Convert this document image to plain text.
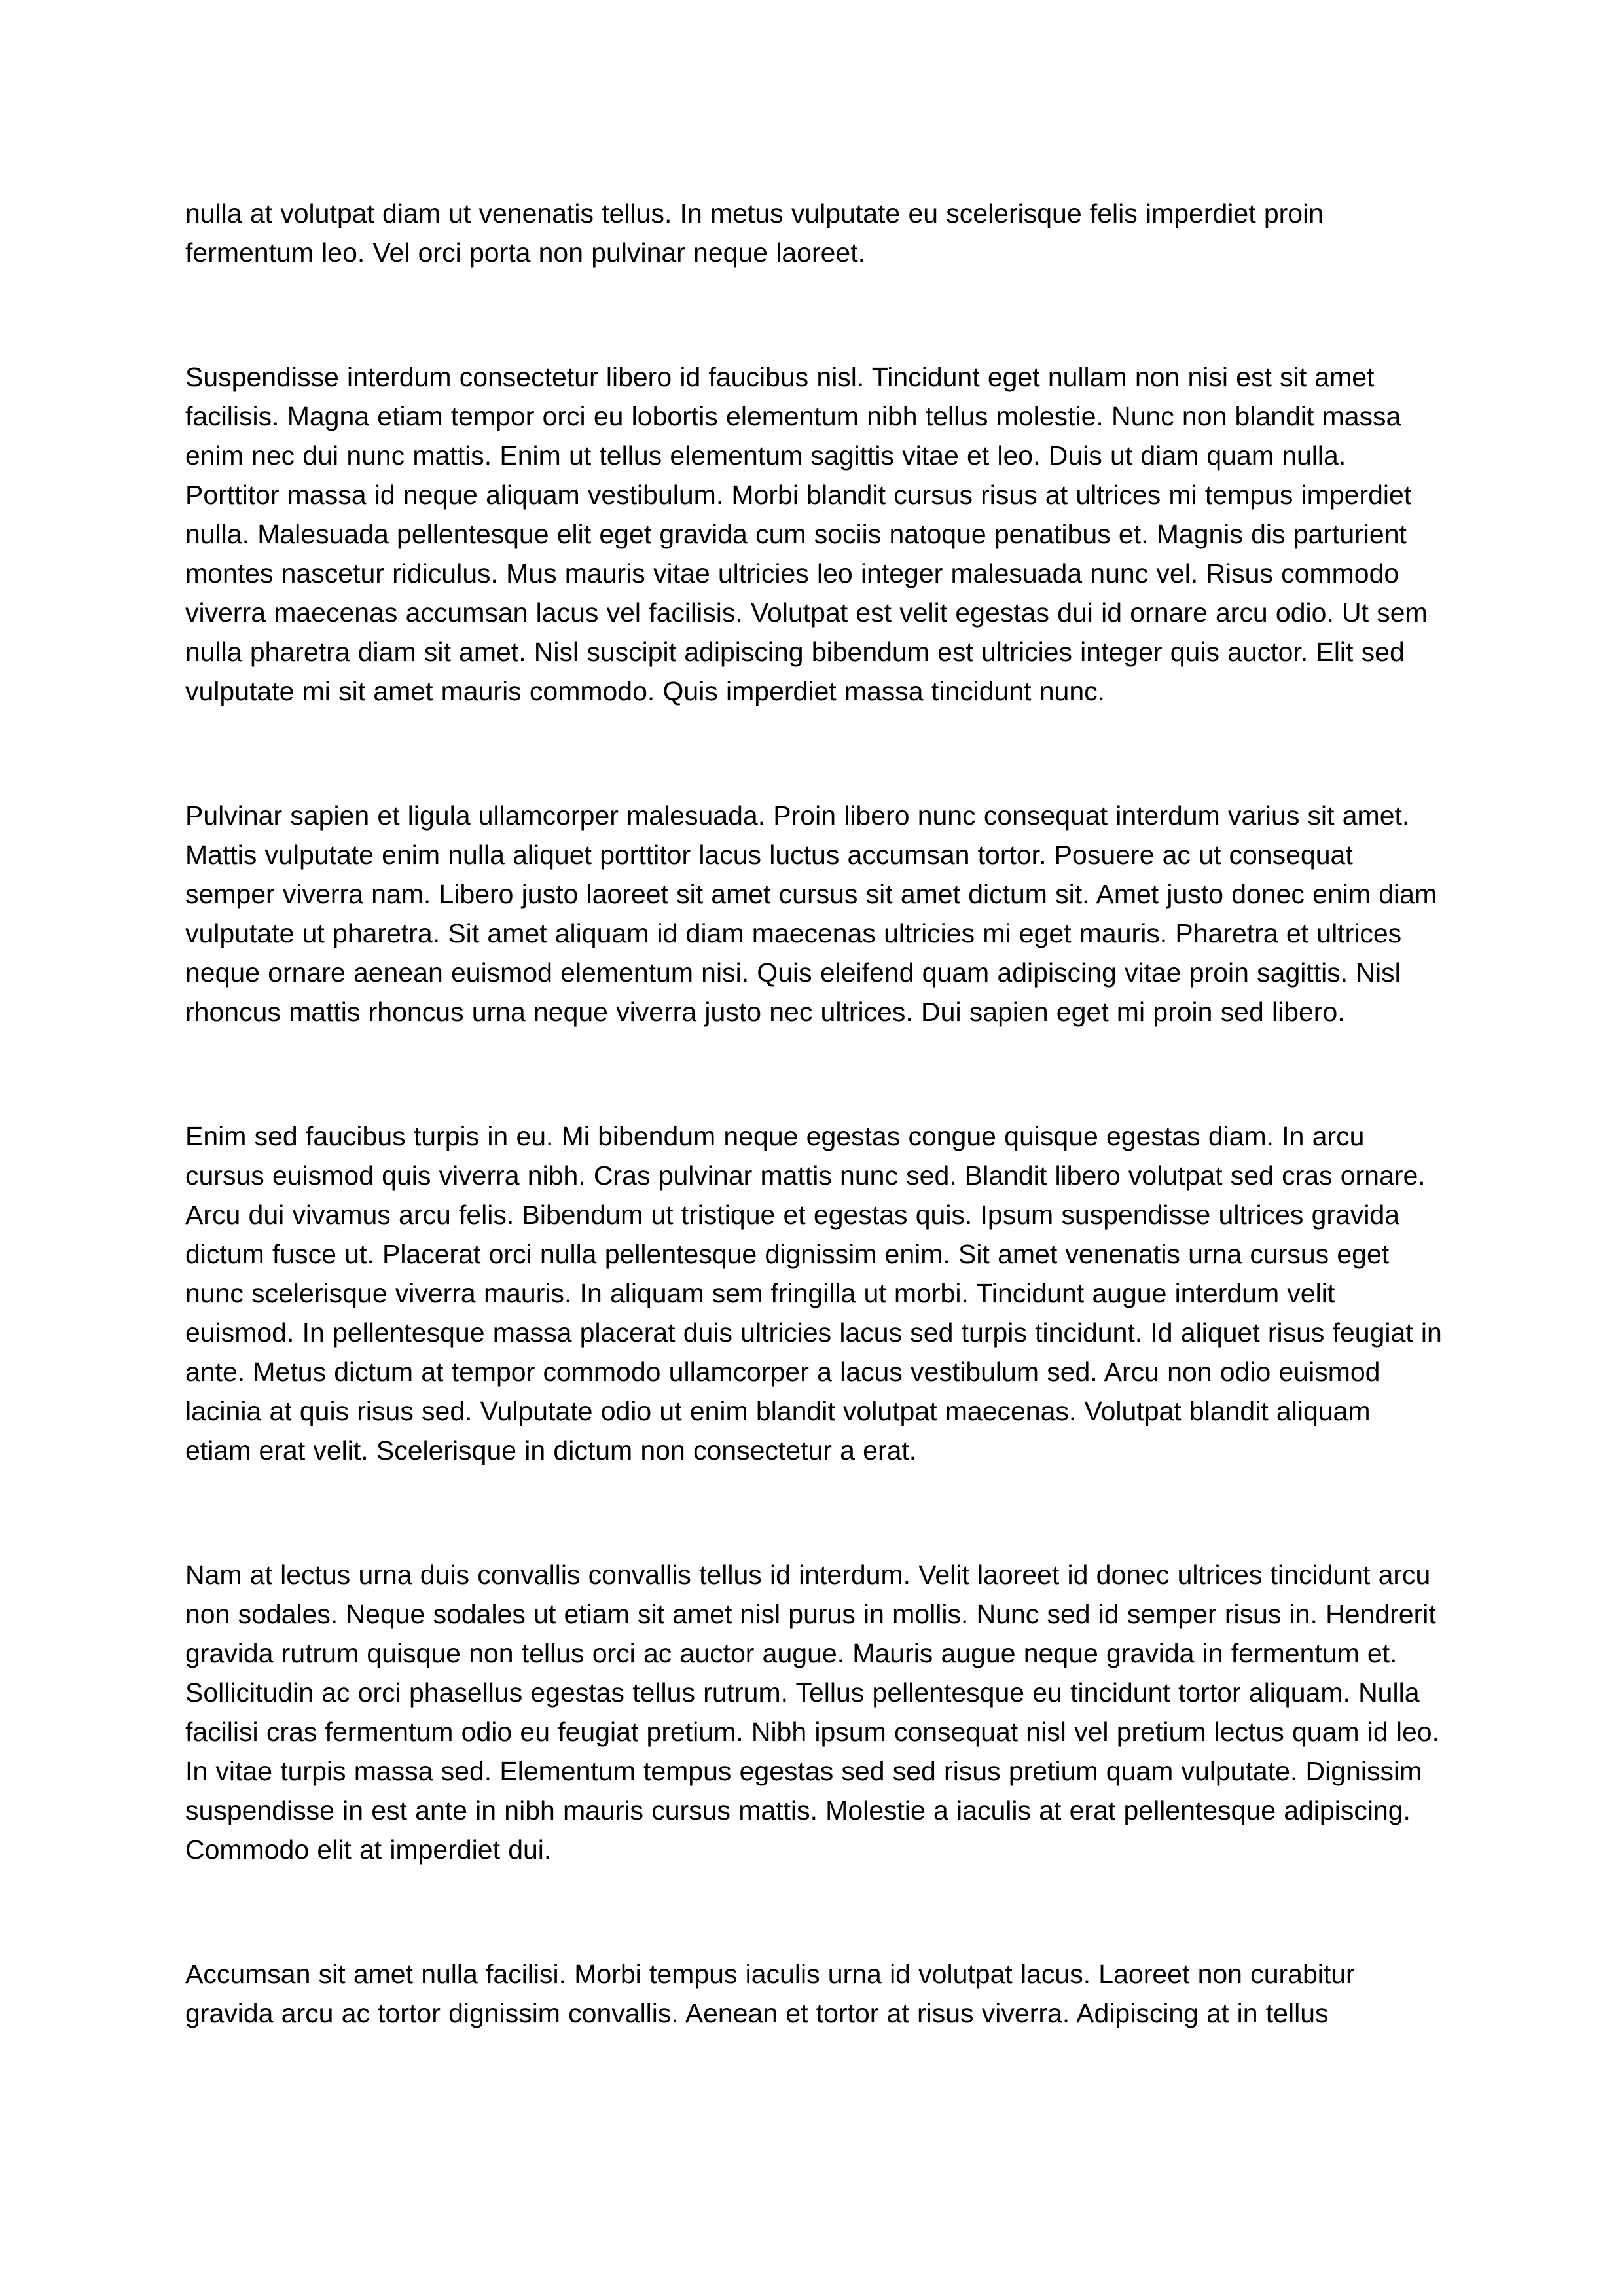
nulla at volutpat diam ut venenatis tellus. In metus vulputate eu scelerisque felis imperdiet proin fermentum leo. Vel orci porta non pulvinar neque laoreet.

Suspendisse interdum consectetur libero id faucibus nisl. Tincidunt eget nullam non nisi est sit amet facilisis. Magna etiam tempor orci eu lobortis elementum nibh tellus molestie. Nunc non blandit massa enim nec dui nunc mattis. Enim ut tellus elementum sagittis vitae et leo. Duis ut diam quam nulla. Porttitor massa id neque aliquam vestibulum. Morbi blandit cursus risus at ultrices mi tempus imperdiet nulla. Malesuada pellentesque elit eget gravida cum sociis natoque penatibus et. Magnis dis parturient montes nascetur ridiculus. Mus mauris vitae ultricies leo integer malesuada nunc vel. Risus commodo viverra maecenas accumsan lacus vel facilisis. Volutpat est velit egestas dui id ornare arcu odio. Ut sem nulla pharetra diam sit amet. Nisl suscipit adipiscing bibendum est ultricies integer quis auctor. Elit sed vulputate mi sit amet mauris commodo. Quis imperdiet massa tincidunt nunc.

Pulvinar sapien et ligula ullamcorper malesuada. Proin libero nunc consequat interdum varius sit amet. Mattis vulputate enim nulla aliquet porttitor lacus luctus accumsan tortor. Posuere ac ut consequat semper viverra nam. Libero justo laoreet sit amet cursus sit amet dictum sit. Amet justo donec enim diam vulputate ut pharetra. Sit amet aliquam id diam maecenas ultricies mi eget mauris. Pharetra et ultrices neque ornare aenean euismod elementum nisi. Quis eleifend quam adipiscing vitae proin sagittis. Nisl rhoncus mattis rhoncus urna neque viverra justo nec ultrices. Dui sapien eget mi proin sed libero.

Enim sed faucibus turpis in eu. Mi bibendum neque egestas congue quisque egestas diam. In arcu cursus euismod quis viverra nibh. Cras pulvinar mattis nunc sed. Blandit libero volutpat sed cras ornare. Arcu dui vivamus arcu felis. Bibendum ut tristique et egestas quis. Ipsum suspendisse ultrices gravida dictum fusce ut. Placerat orci nulla pellentesque dignissim enim. Sit amet venenatis urna cursus eget nunc scelerisque viverra mauris. In aliquam sem fringilla ut morbi. Tincidunt augue interdum velit euismod. In pellentesque massa placerat duis ultricies lacus sed turpis tincidunt. Id aliquet risus feugiat in ante. Metus dictum at tempor commodo ullamcorper a lacus vestibulum sed. Arcu non odio euismod lacinia at quis risus sed. Vulputate odio ut enim blandit volutpat maecenas. Volutpat blandit aliquam etiam erat velit. Scelerisque in dictum non consectetur a erat.

Nam at lectus urna duis convallis convallis tellus id interdum. Velit laoreet id donec ultrices tincidunt arcu non sodales. Neque sodales ut etiam sit amet nisl purus in mollis. Nunc sed id semper risus in. Hendrerit gravida rutrum quisque non tellus orci ac auctor augue. Mauris augue neque gravida in fermentum et. Sollicitudin ac orci phasellus egestas tellus rutrum. Tellus pellentesque eu tincidunt tortor aliquam. Nulla facilisi cras fermentum odio eu feugiat pretium. Nibh ipsum consequat nisl vel pretium lectus quam id leo. In vitae turpis massa sed. Elementum tempus egestas sed sed risus pretium quam vulputate. Dignissim suspendisse in est ante in nibh mauris cursus mattis. Molestie a iaculis at erat pellentesque adipiscing. Commodo elit at imperdiet dui.

Accumsan sit amet nulla facilisi. Morbi tempus iaculis urna id volutpat lacus. Laoreet non curabitur gravida arcu ac tortor dignissim convallis. Aenean et tortor at risus viverra. Adipiscing at in tellus
